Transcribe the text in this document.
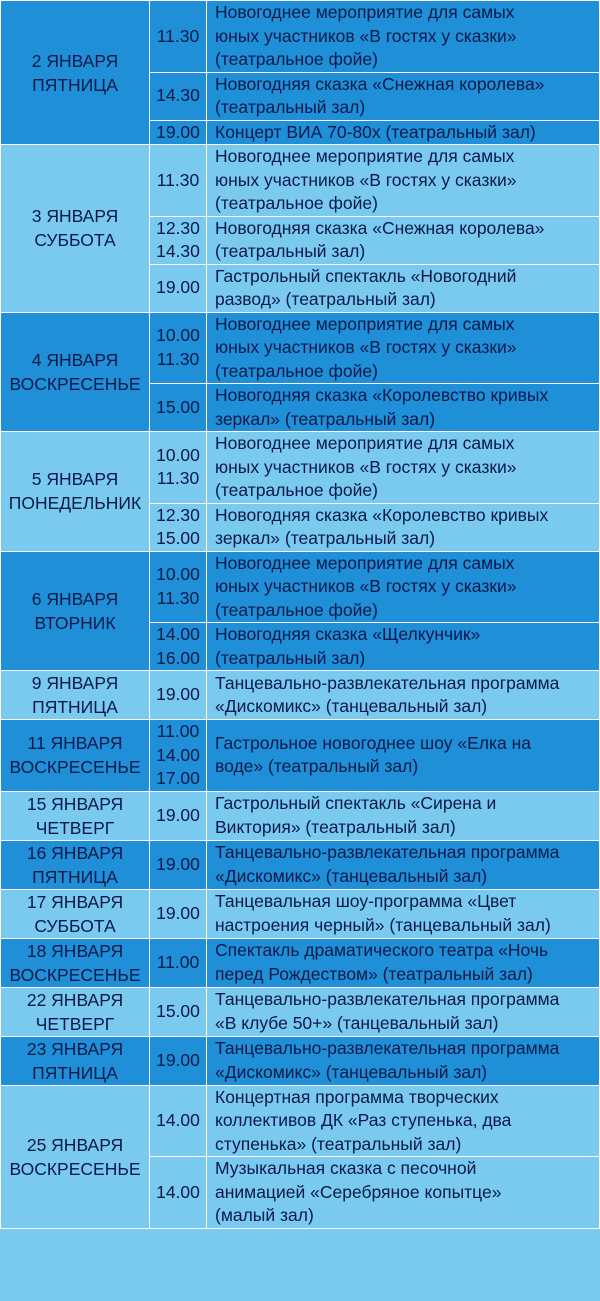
2 ЯНВАРЯ
ПЯТНИЦА	11.30	Новогоднее мероприятие для самых
юных участников «В гостях у сказки»
(театральное фойе)

	14.30	Новогодняя сказка «Снежная королева»
(театральный зал)

	19.00	Концерт ВИА 70-80х (театральный зал)

3 ЯНВАРЯ
СУББОТА	11.30	Новогоднее мероприятие для самых
юных участников «В гостях у сказки»
(театральное фойе)

	12.30
14.30	Новогодняя сказка «Снежная королева»
(театральный зал)

	19.00	Гастрольный спектакль «Новогодний
развод» (театральный зал)

4 ЯНВАРЯ
ВОСКРЕСЕНЬЕ	10.00
11.30	Новогоднее мероприятие для самых
юных участников «В гостях у сказки»
(театральное фойе)

	15.00	Новогодняя сказка «Королевство кривых
зеркал» (театральный зал)

5 ЯНВАРЯ
ПОНЕДЕЛЬНИК	10.00
11.30	Новогоднее мероприятие для самых
юных участников «В гостях у сказки»
(театральное фойе)

	12.30
15.00	Новогодняя сказка «Королевство кривых
зеркал» (театральный зал)

6 ЯНВАРЯ
ВТОРНИК	10.00
11.30	Новогоднее мероприятие для самых
юных участников «В гостях у сказки»
(театральное фойе)

	14.00
16.00	Новогодняя сказка «Щелкунчик»
(театральный зал)

9 ЯНВАРЯ
ПЯТНИЦА	19.00	Танцевально-развлекательная программа
«Дискомикс» (танцевальный зал)

11 ЯНВАРЯ
ВОСКРЕСЕНЬЕ	11.00
14.00
17.00	Гастрольное новогоднее шоу «Елка на
воде» (театральный зал)

15 ЯНВАРЯ
ЧЕТВЕРГ	19.00	Гастрольный спектакль «Сирена и
Виктория» (театральный зал)

16 ЯНВАРЯ
ПЯТНИЦА	19.00	Танцевально-развлекательная программа
«Дискомикс» (танцевальный зал)

17 ЯНВАРЯ
СУББОТА	19.00	Танцевальная шоу-программа «Цвет
настроения черный» (танцевальный зал)

18 ЯНВАРЯ
ВОСКРЕСЕНЬЕ	11.00	Спектакль драматического театра «Ночь
перед Рождеством» (театральный зал)

22 ЯНВАРЯ
ЧЕТВЕРГ	15.00	Танцевально-развлекательная программа
«В клубе 50+» (танцевальный зал)

23 ЯНВАРЯ
ПЯТНИЦА	19.00	Танцевально-развлекательная программа
«Дискомикс» (танцевальный зал)

25 ЯНВАРЯ
ВОСКРЕСЕНЬЕ	14.00	Концертная программа творческих
коллективов ДК «Раз ступенька, два
ступенька» (театральный зал)

	14.00	Музыкальная сказка с песочной
анимацией «Серебряное копытце»
(малый зал)
